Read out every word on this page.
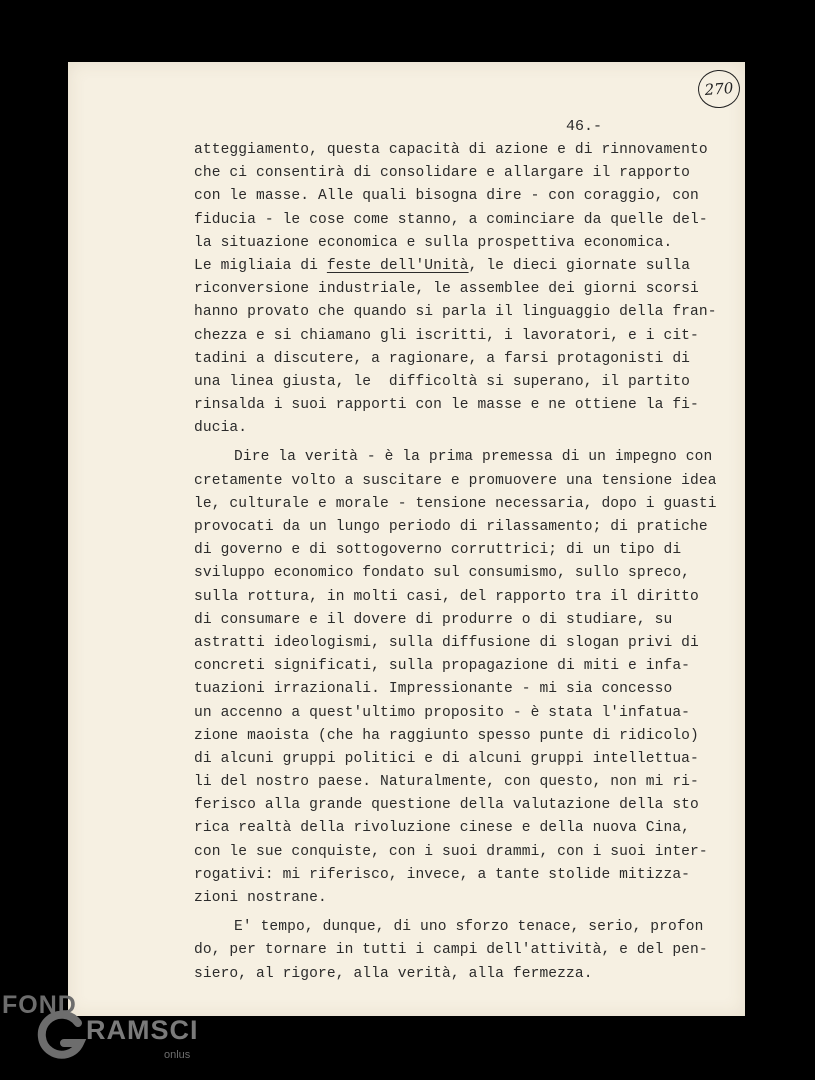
270
46.-
atteggiamento, questa capacità di azione e di rinnovamento
che ci consentirà di consolidare e allargare il rapporto
con le masse. Alle quali bisogna dire - con coraggio, con
fiducia - le cose come stanno, a cominciare da quelle del-
la situazione economica e sulla prospettiva economica.
Le migliaia di feste dell'Unità, le dieci giornate sulla
riconversione industriale, le assemblee dei giorni scorsi
hanno provato che quando si parla il linguaggio della fran-
chezza e si chiamano gli iscritti, i lavoratori, e i cit-
tadini a discutere, a ragionare, a farsi protagonisti di
una linea giusta, le  difficoltà si superano, il partito
rinsalda i suoi rapporti con le masse e ne ottiene la fi-
ducia.
Dire la verità - è la prima premessa di un impegno con
cretamente volto a suscitare e promuovere una tensione idea
le, culturale e morale - tensione necessaria, dopo i guasti
provocati da un lungo periodo di rilassamento; di pratiche
di governo e di sottogoverno corruttrici; di un tipo di
sviluppo economico fondato sul consumismo, sullo spreco,
sulla rottura, in molti casi, del rapporto tra il diritto
di consumare e il dovere di produrre o di studiare, su
astratti ideologismi, sulla diffusione di slogan privi di
concreti significati, sulla propagazione di miti e infa-
tuazioni irrazionali. Impressionante - mi sia concesso
un accenno a quest'ultimo proposito - è stata l'infatua-
zione maoista (che ha raggiunto spesso punte di ridicolo)
di alcuni gruppi politici e di alcuni gruppi intellettua-
li del nostro paese. Naturalmente, con questo, non mi ri-
ferisco alla grande questione della valutazione della sto
rica realtà della rivoluzione cinese e della nuova Cina,
con le sue conquiste, con i suoi drammi, con i suoi inter-
rogativi: mi riferisco, invece, a tante stolide mitizza-
zioni nostrane.
E' tempo, dunque, di uno sforzo tenace, serio, profon
do, per tornare in tutti i campi dell'attività, e del pen-
siero, al rigore, alla verità, alla fermezza.
FOND
RAMSCI
onlus
